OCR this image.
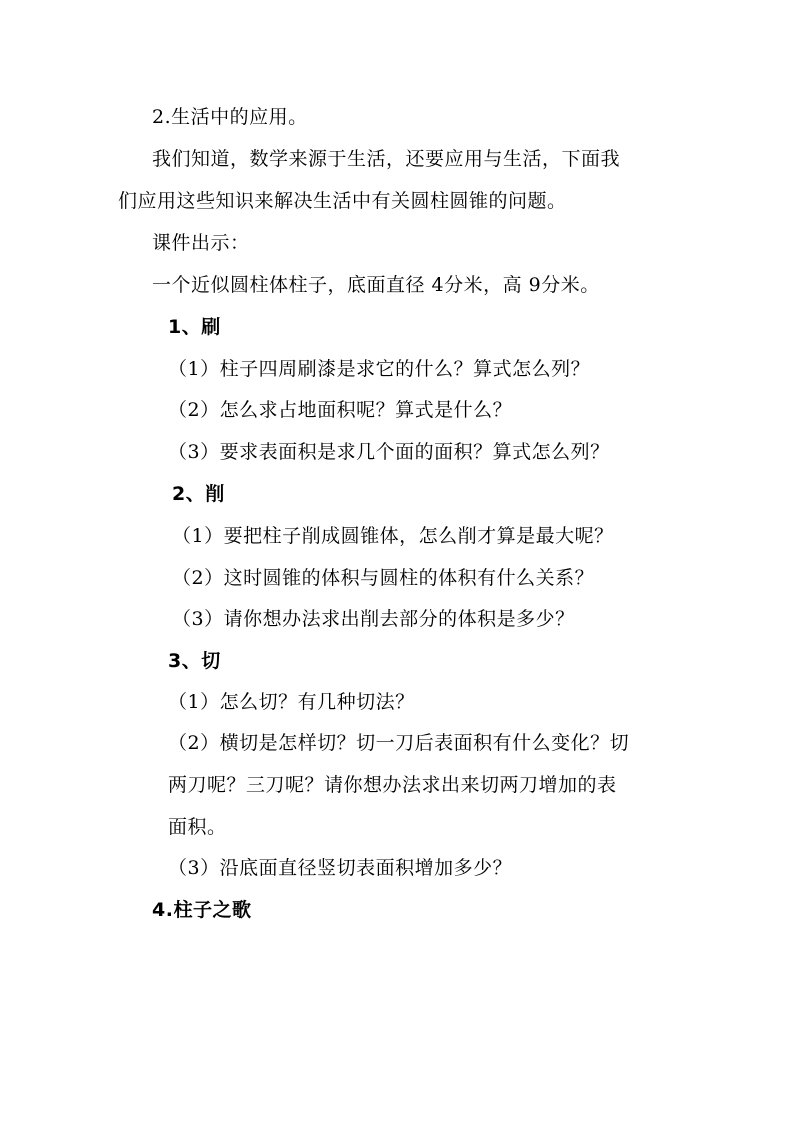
2.生活中的应用。
我们知道，数学来源于生活，还要应用与生活，下面我
们应用这些知识来解决生活中有关圆柱圆锥的问题。
课件出示：
一个近似圆柱体柱子，底面直径 4分米，高 9分米。
1、刷
（1）柱子四周刷漆是求它的什么？算式怎么列？
（2）怎么求占地面积呢？算式是什么？
（3）要求表面积是求几个面的面积？算式怎么列？
2、削
（1）要把柱子削成圆锥体，怎么削才算是最大呢？
（2）这时圆锥的体积与圆柱的体积有什么关系？
（3）请你想办法求出削去部分的体积是多少？
3、切
（1）怎么切？有几种切法？
（2）横切是怎样切？切一刀后表面积有什么变化？切
两刀呢？三刀呢？请你想办法求出来切两刀增加的表
面积。
（3）沿底面直径竖切表面积增加多少？
4.柱子之歌
